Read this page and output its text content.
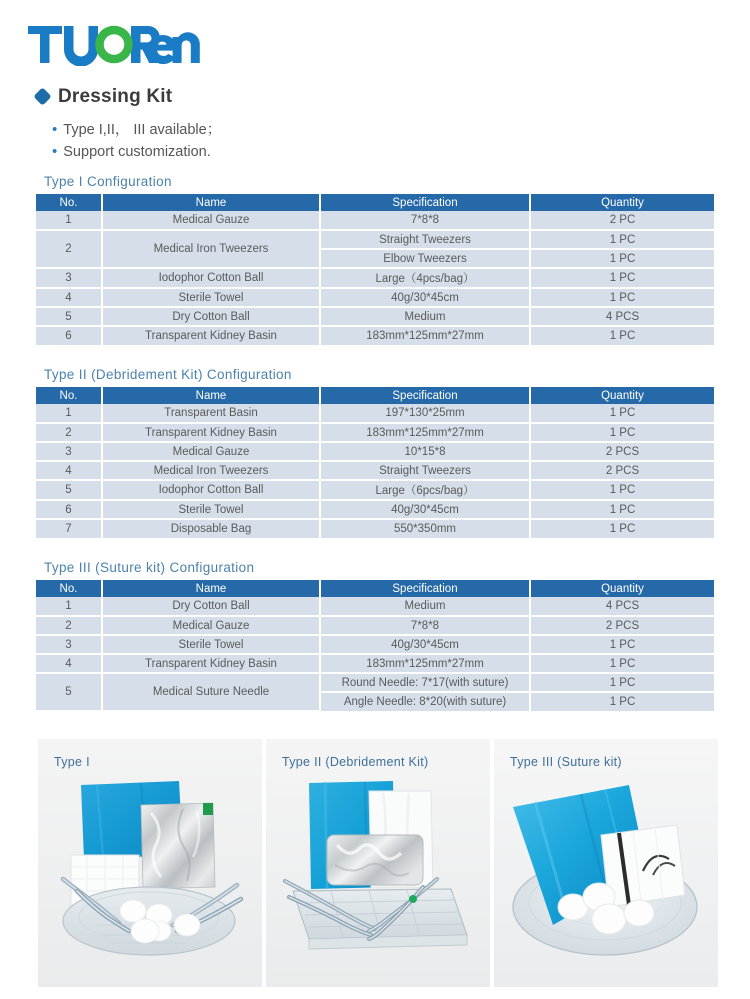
Dressing Kit
• Type I,II， III available；
• Support customization.
Type I Configuration
No.	Name	Specification	Quantity
1	Medical Gauze	7*8*8	2 PC
2	Medical Iron Tweezers	Straight Tweezers	1 PC
		Elbow Tweezers	1 PC
3	Iodophor Cotton Ball	Large（4pcs/bag）	1 PC
4	Sterile Towel	40g/30*45cm	1 PC
5	Dry Cotton Ball	Medium	4 PCS
6	Transparent Kidney Basin	183mm*125mm*27mm	1 PC
Type II (Debridement Kit) Configuration
No.	Name	Specification	Quantity
1	Transparent Basin	197*130*25mm	1 PC
2	Transparent Kidney Basin	183mm*125mm*27mm	1 PC
3	Medical Gauze	10*15*8	2 PCS
4	Medical Iron Tweezers	Straight Tweezers	2 PCS
5	Iodophor Cotton Ball	Large（6pcs/bag）	1 PC
6	Sterile Towel	40g/30*45cm	1 PC
7	Disposable Bag	550*350mm	1 PC
Type III (Suture kit) Configuration
No.	Name	Specification	Quantity
1	Dry Cotton Ball	Medium	4 PCS
2	Medical Gauze	7*8*8	2 PCS
3	Sterile Towel	40g/30*45cm	1 PC
4	Transparent Kidney Basin	183mm*125mm*27mm	1 PC
5	Medical Suture Needle	Round Needle: 7*17(with suture)	1 PC
		Angle Needle: 8*20(with suture)	1 PC
Type I	Type II (Debridement Kit)	Type III (Suture kit)
